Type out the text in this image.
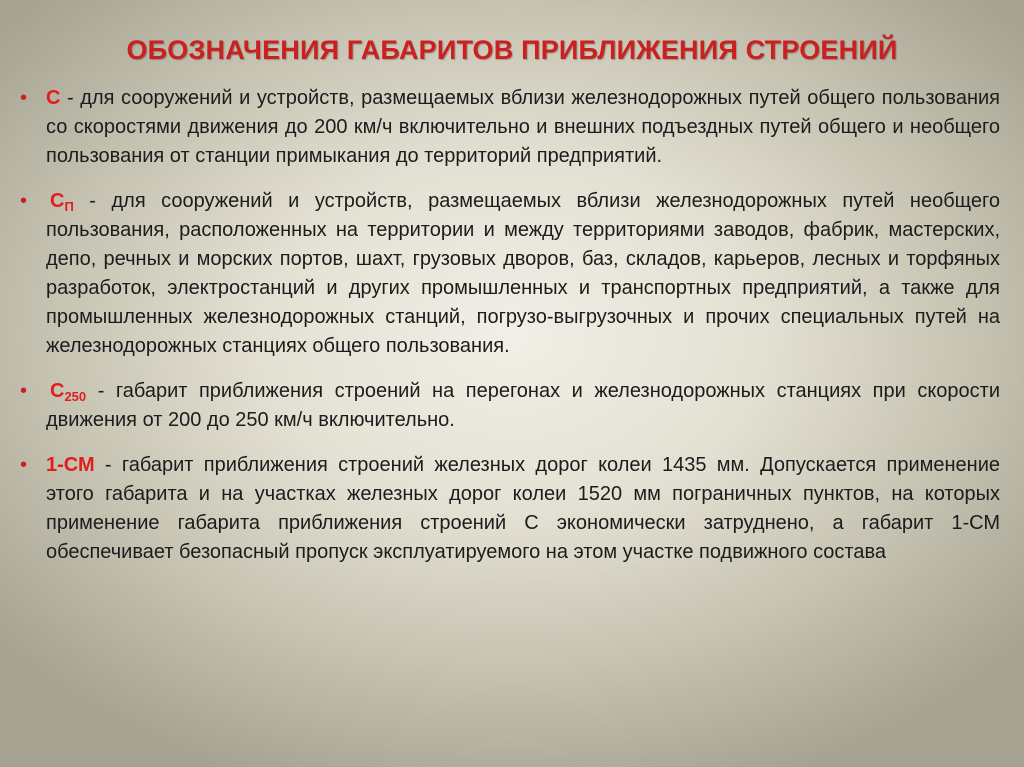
ОБОЗНАЧЕНИЯ ГАБАРИТОВ ПРИБЛИЖЕНИЯ СТРОЕНИЙ
• С - для сооружений и устройств, размещаемых вблизи железнодорожных путей общего пользования со скоростями движения до 200 км/ч включительно и внешних подъездных путей общего и необщего пользования от станции примыкания до территорий предприятий.
• $С_П$ - для сооружений и устройств, размещаемых вблизи железнодорожных путей необщего пользования, расположенных на территории и между территориями заводов, фабрик, мастерских, депо, речных и морских портов, шахт, грузовых дворов, баз, складов, карьеров, лесных и торфяных разработок, электростанций и других промышленных и транспортных предприятий, а также для промышленных железнодорожных станций, погрузо-выгрузочных и прочих специальных путей на железнодорожных станциях общего пользования.
• $С_{250}$ - габарит приближения строений на перегонах и железнодорожных станциях при скорости движения от 200 до 250 км/ч включительно.
• 1-СМ - габарит приближения строений железных дорог колеи 1435 мм. Допускается применение этого габарита и на участках железных дорог колеи 1520 мм пограничных пунктов, на которых применение габарита приближения строений С экономически затруднено, а габарит 1-СМ обеспечивает безопасный пропуск эксплуатируемого на этом участке подвижного состава
